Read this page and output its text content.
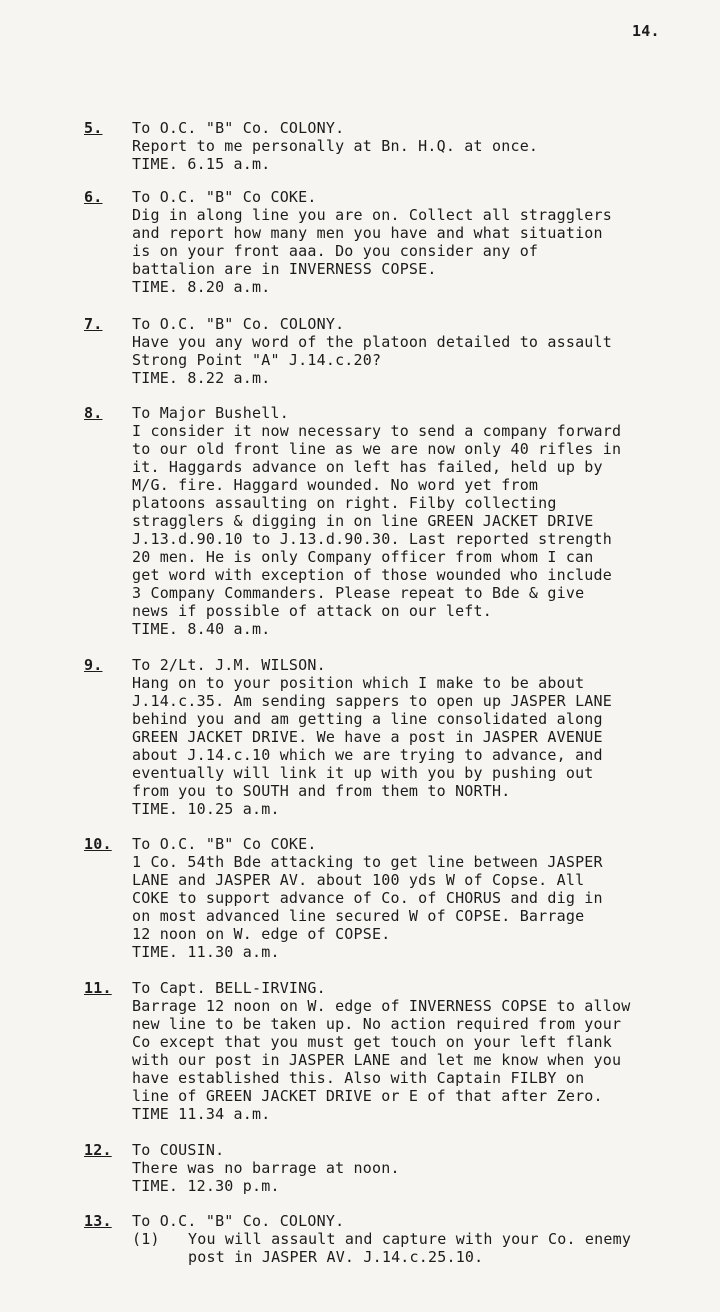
14.
5.	To O.C. "B" Co. COLONY.
Report to me personally at Bn. H.Q. at once.
TIME. 6.15 a.m.
6.	To O.C. "B" Co COKE.
Dig in along line you are on. Collect all stragglers
and report how many men you have and what situation
is on your front aaa. Do you consider any of
battalion are in INVERNESS COPSE.
TIME. 8.20 a.m.
7.	To O.C. "B" Co. COLONY.
Have you any word of the platoon detailed to assault
Strong Point "A" J.14.c.20?
TIME. 8.22 a.m.
8.	To Major Bushell.
I consider it now necessary to send a company forward
to our old front line as we are now only 40 rifles in
it. Haggards advance on left has failed, held up by
M/G. fire. Haggard wounded. No word yet from
platoons assaulting on right. Filby collecting
stragglers & digging in on line GREEN JACKET DRIVE
J.13.d.90.10 to J.13.d.90.30. Last reported strength
20 men. He is only Company officer from whom I can
get word with exception of those wounded who include
3 Company Commanders. Please repeat to Bde & give
news if possible of attack on our left.
TIME. 8.40 a.m.
9.	To 2/Lt. J.M. WILSON.
Hang on to your position which I make to be about
J.14.c.35. Am sending sappers to open up JASPER LANE
behind you and am getting a line consolidated along
GREEN JACKET DRIVE. We have a post in JASPER AVENUE
about J.14.c.10 which we are trying to advance, and
eventually will link it up with you by pushing out
from you to SOUTH and from them to NORTH.
TIME. 10.25 a.m.
10.	To O.C. "B" Co COKE.
1 Co. 54th Bde attacking to get line between JASPER
LANE and JASPER AV. about 100 yds W of Copse. All
COKE to support advance of Co. of CHORUS and dig in
on most advanced line secured W of COPSE. Barrage
12 noon on W. edge of COPSE.
TIME. 11.30 a.m.
11.	To Capt. BELL-IRVING.
Barrage 12 noon on W. edge of INVERNESS COPSE to allow
new line to be taken up. No action required from your
Co except that you must get touch on your left flank
with our post in JASPER LANE and let me know when you
have established this. Also with Captain FILBY on
line of GREEN JACKET DRIVE or E of that after Zero.
TIME 11.34 a.m.
12.	To COUSIN.
There was no barrage at noon.
TIME. 12.30 p.m.
13.	To O.C. "B" Co. COLONY.
(1) You will assault and capture with your Co. enemy
post in JASPER AV. J.14.c.25.10.
